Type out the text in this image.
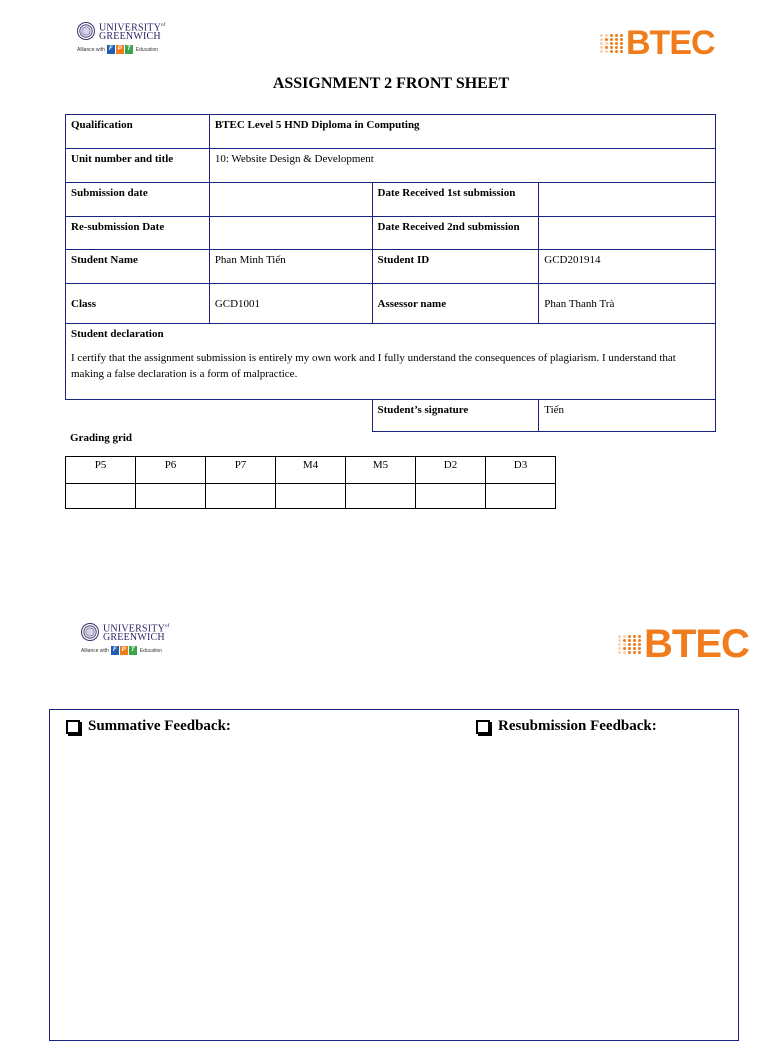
$UNIVERSITY^{of}$
GREENWICH
Alliance with F P T	Education	BTEC
ASSIGNMENT 2 FRONT SHEET
Qualification	BTEC Level 5 HND Diploma in Computing		
Unit number and title	10: Website Design & Development		
Submission date		Date Received 1st submission	
Re-submission Date		Date Received 2nd submission	
Student Name	Phan Minh Tiến	Student ID	GCD201914
Class	GCD1001	Assessor name	Phan Thanh Trà

Student declaration
I certify that the assignment submission is entirely my own work and I fully understand the consequences of plagiarism. I understand that making a false declaration is a form of malpractice.			

		Student’s signature	Tiến
Grading grid
P5	P6	P7	M4	M5	D2	D3

$UNIVERSITY^{of}$
GREENWICH
Alliance with F P T	Education	BTEC
Summative Feedback:	Resubmission Feedback:
